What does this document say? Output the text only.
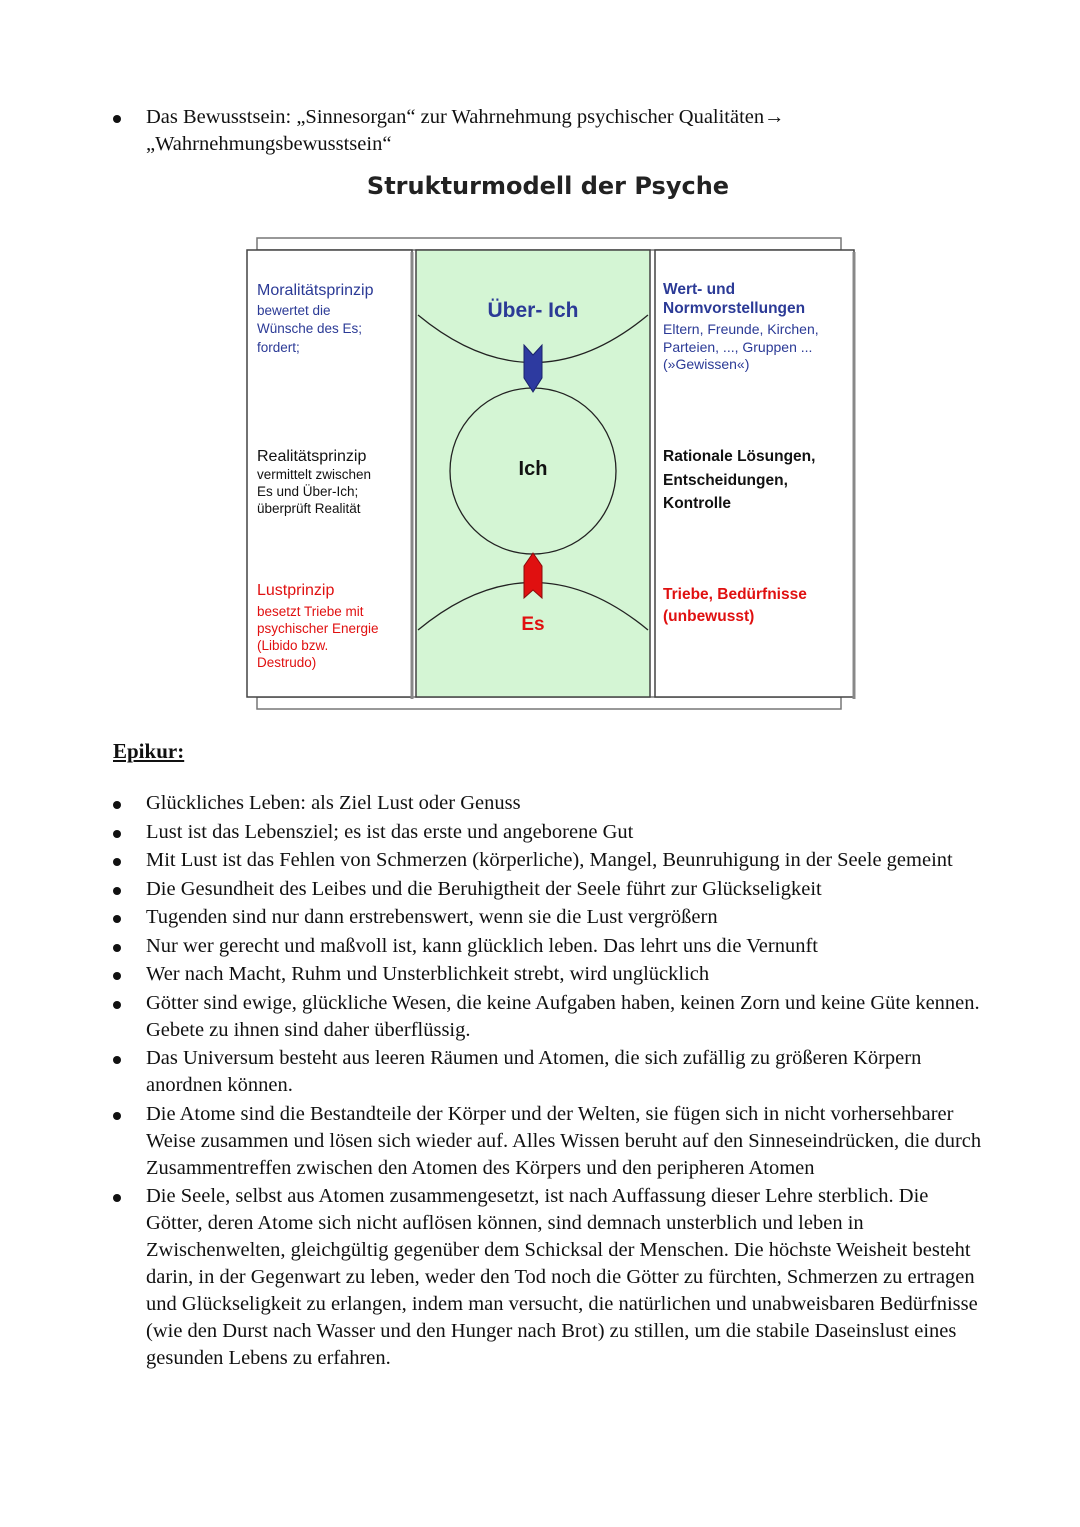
Das Bewusstsein: „Sinnesorgan“ zur Wahrnehmung psychischer Qualitäten→
„Wahrnehmungsbewusstsein“
Strukturmodell der Psyche
Über- Ich
Ich
Es
Moralitätsprinzip
bewertet die
Wünsche des Es;
fordert;
Realitätsprinzip
vermittelt zwischen
Es und Über-Ich;
überprüft Realität
Lustprinzip
besetzt Triebe mit
psychischer Energie
(Libido bzw.
Destrudo)
Wert- und
Normvorstellungen
Eltern, Freunde, Kirchen,
Parteien, ..., Gruppen ...
(»Gewissen«)
Rationale Lösungen,
Entscheidungen,
Kontrolle
Triebe, Bedürfnisse
(unbewusst)
Epikur:
Glückliches Leben: als Ziel Lust oder Genuss
Lust ist das Lebensziel; es ist das erste und angeborene Gut
Mit Lust ist das Fehlen von Schmerzen (körperliche), Mangel, Beunruhigung in der Seele gemeint
Die Gesundheit des Leibes und die Beruhigtheit der Seele führt zur Glückseligkeit
Tugenden sind nur dann erstrebenswert, wenn sie die Lust vergrößern
Nur wer gerecht und maßvoll ist, kann glücklich leben. Das lehrt uns die Vernunft
Wer nach Macht, Ruhm und Unsterblichkeit strebt, wird unglücklich
Götter sind ewige, glückliche Wesen, die keine Aufgaben haben, keinen Zorn und keine Güte kennen. Gebete zu ihnen sind daher überflüssig.
Das Universum besteht aus leeren Räumen und Atomen, die sich zufällig zu größeren Körpern anordnen können.
Die Atome sind die Bestandteile der Körper und der Welten, sie fügen sich in nicht vorhersehbarer Weise zusammen und lösen sich wieder auf. Alles Wissen beruht auf den Sinneseindrücken, die durch Zusammentreffen zwischen den Atomen des Körpers und den peripheren Atomen
Die Seele, selbst aus Atomen zusammengesetzt, ist nach Auffassung dieser Lehre sterblich. Die Götter, deren Atome sich nicht auflösen können, sind demnach unsterblich und leben in Zwischenwelten, gleichgültig gegenüber dem Schicksal der Menschen. Die höchste Weisheit besteht darin, in der Gegenwart zu leben, weder den Tod noch die Götter zu fürchten, Schmerzen zu ertragen und Glückseligkeit zu erlangen, indem man versucht, die natürlichen und unabweisbaren Bedürfnisse (wie den Durst nach Wasser und den Hunger nach Brot) zu stillen, um die stabile Daseinslust eines gesunden Lebens zu erfahren.
